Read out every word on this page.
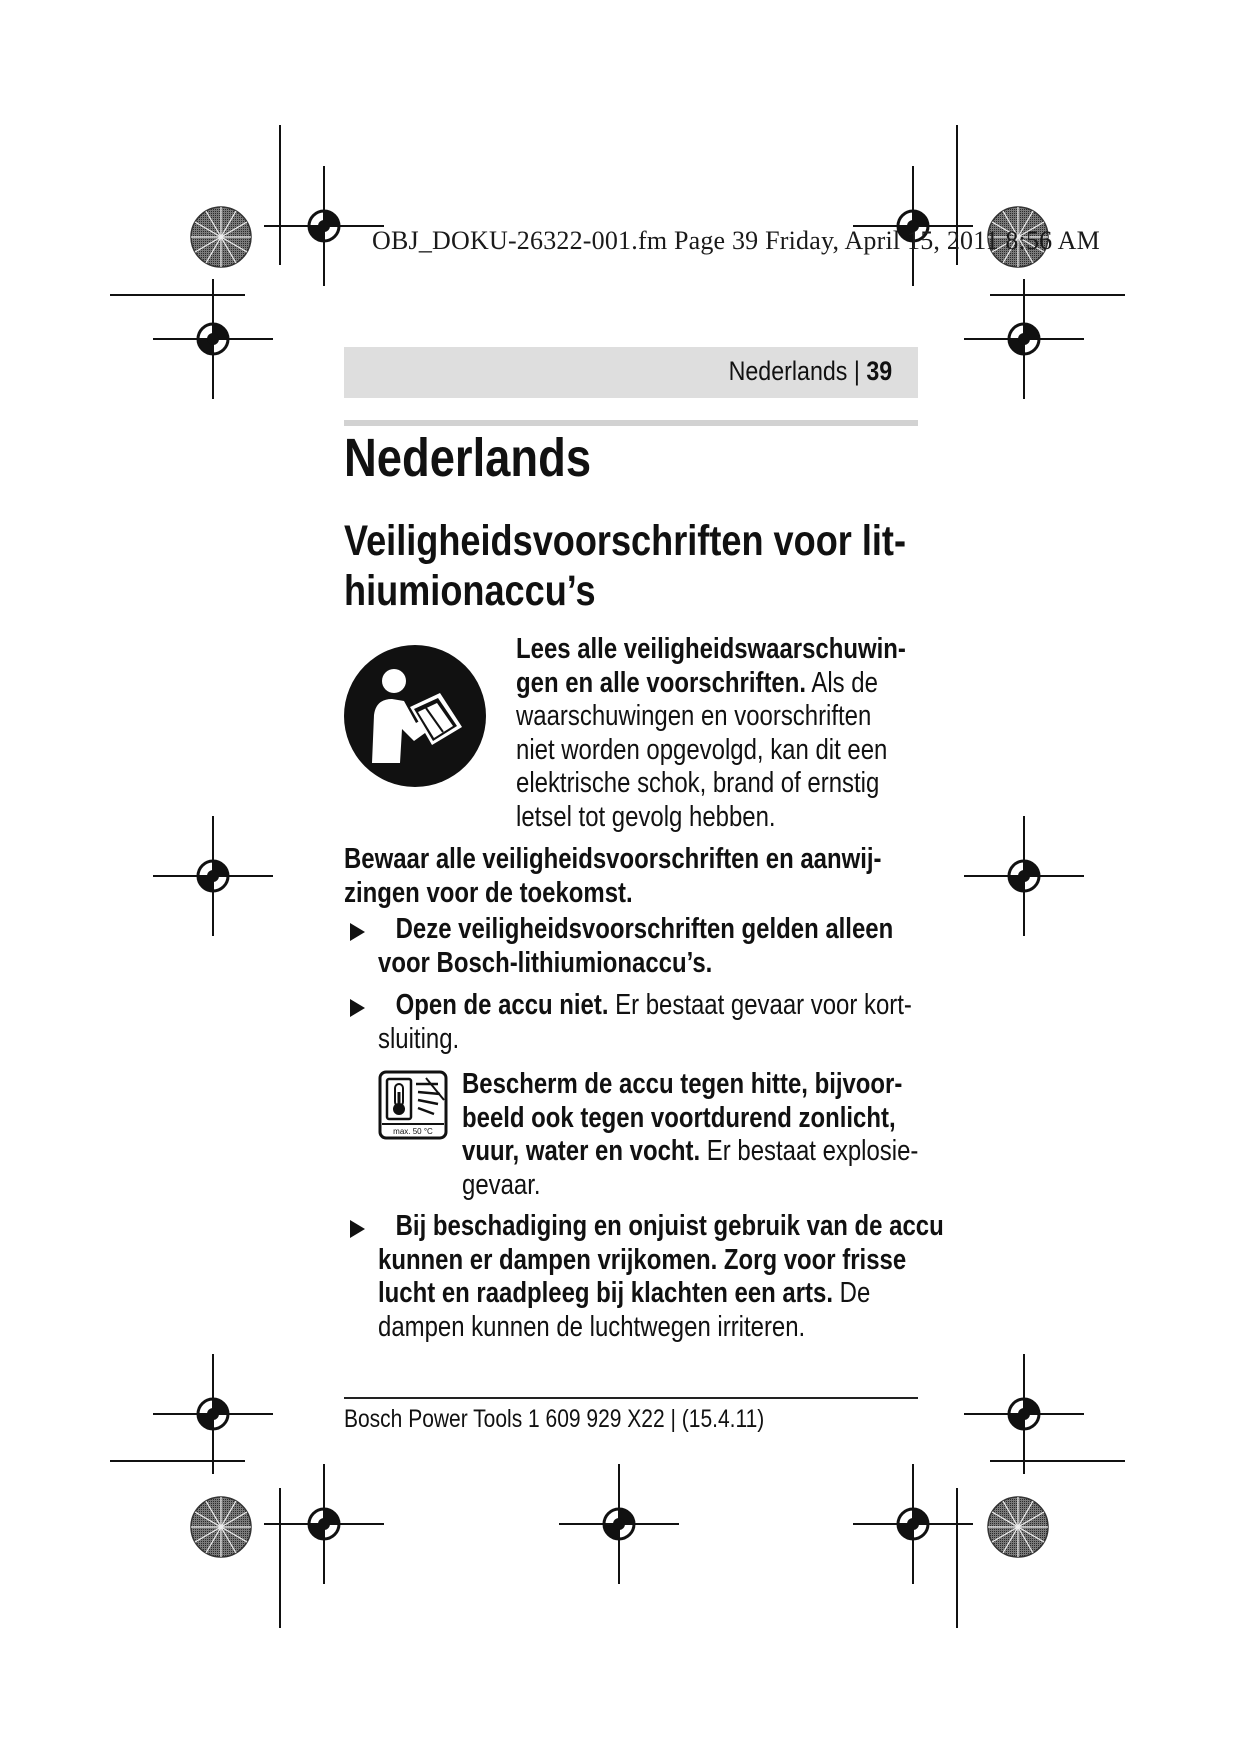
OBJ_DOKU-26322-001.fm Page 39 Friday, April 15, 2011 8:56 AM
Nederlands | 39
Nederlands
Veiligheidsvoorschriften voor lit-
hiumionaccu’s
Lees alle veiligheidswaarschuwin-
gen en alle voorschriften. Als de
waarschuwingen en voorschriften
niet worden opgevolgd, kan dit een
elektrische schok, brand of ernstig
letsel tot gevolg hebben.
Bewaar alle veiligheidsvoorschriften en aanwij-
zingen voor de toekomst.
Deze veiligheidsvoorschriften gelden alleen
voor Bosch-lithiumionaccu’s.
Open de accu niet. Er bestaat gevaar voor kort-
sluiting.
max. 50 °C
Bescherm de accu tegen hitte, bijvoor-
beeld ook tegen voortdurend zonlicht,
vuur, water en vocht. Er bestaat explosie-
gevaar.
Bij beschadiging en onjuist gebruik van de accu
kunnen er dampen vrijkomen. Zorg voor frisse
lucht en raadpleeg bij klachten een arts. De
dampen kunnen de luchtwegen irriteren.
Bosch Power Tools 1 609 929 X22 | (15.4.11)
